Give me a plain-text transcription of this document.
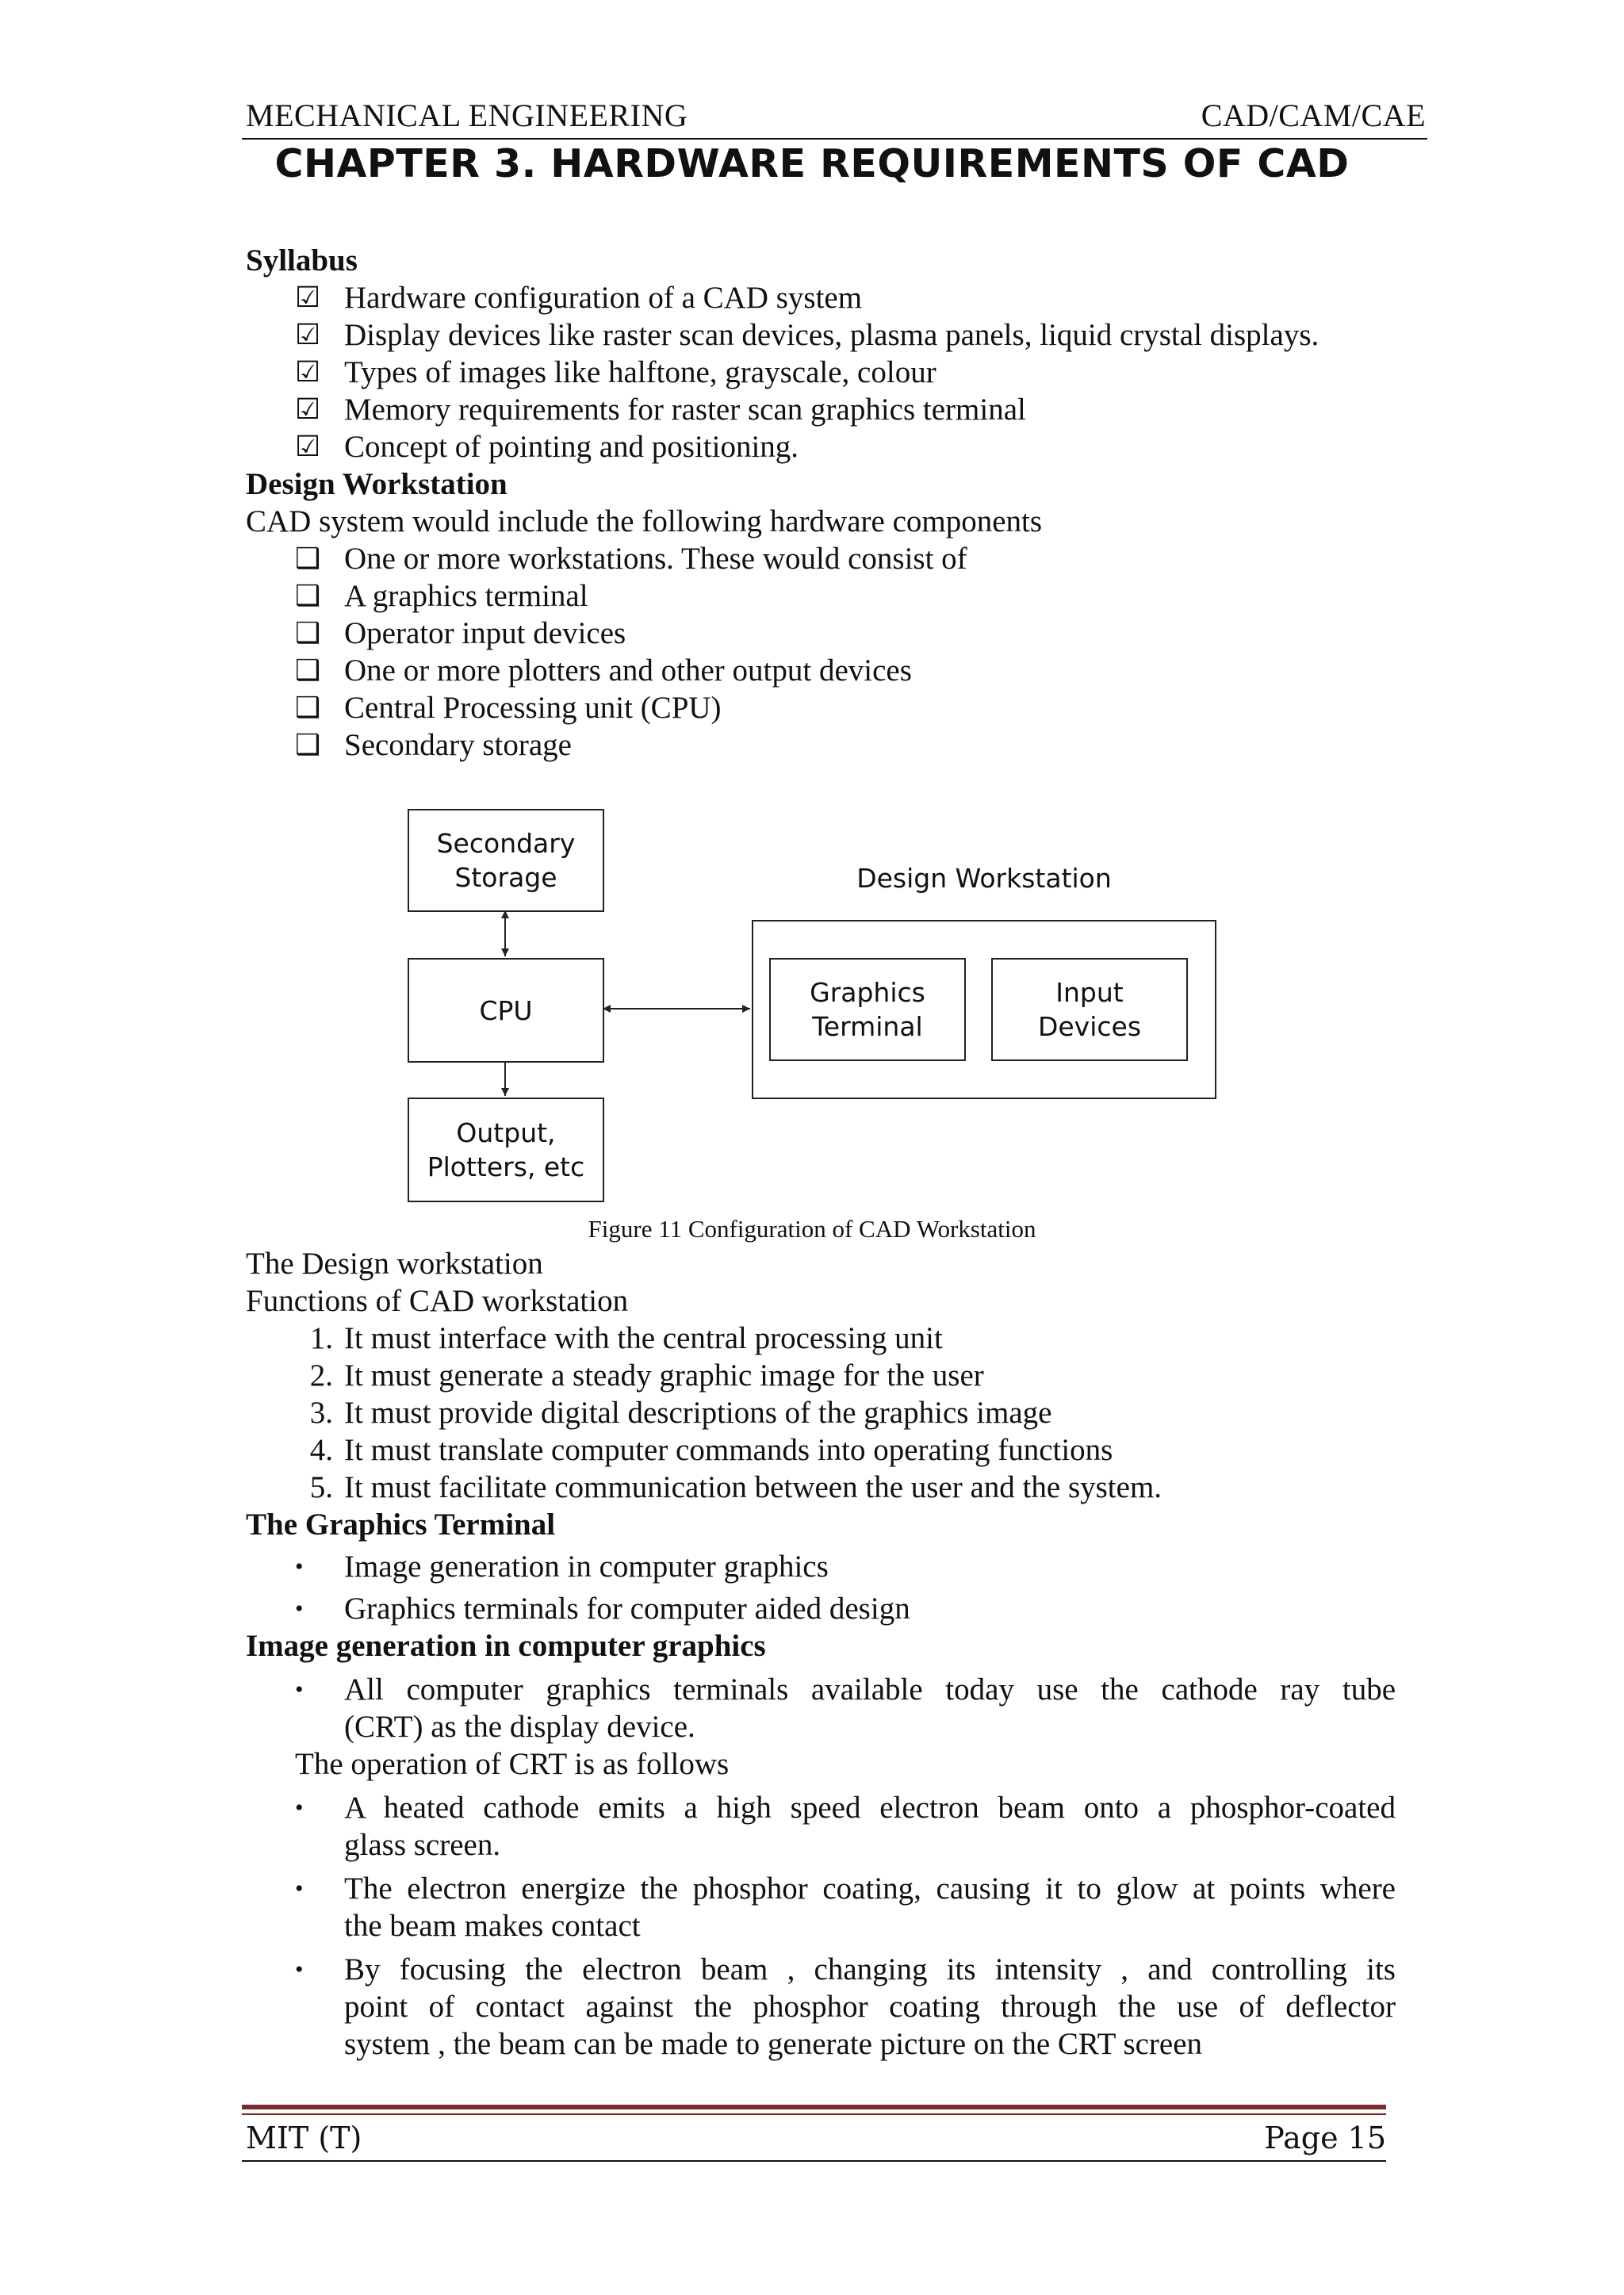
MECHANICAL ENGINEERING	CAD/CAM/CAE
CHAPTER 3. HARDWARE REQUIREMENTS OF CAD
Syllabus
☑ Hardware configuration of a CAD system
☑ Display devices like raster scan devices, plasma panels, liquid crystal displays.
☑ Types of images like halftone, grayscale, colour
☑ Memory requirements for raster scan graphics terminal
☑ Concept of pointing and positioning.
Design Workstation
CAD system would include the following hardware components
❑ One or more workstations. These would consist of
❑ A graphics terminal
❑ Operator input devices
❑ One or more plotters and other output devices
❑ Central Processing unit (CPU)
❑ Secondary storage
Secondary
Storage
CPU
Output,
Plotters, etc
Design Workstation
Graphics
Terminal
Input
Devices
Figure 11 Configuration of CAD Workstation
The Design workstation
Functions of CAD workstation
1. It must interface with the central processing unit
2. It must generate a steady graphic image for the user
3. It must provide digital descriptions of the graphics image
4. It must translate computer commands into operating functions
5. It must facilitate communication between the user and the system.
The Graphics Terminal
• Image generation in computer graphics
• Graphics terminals for computer aided design
Image generation in computer graphics
• All computer graphics terminals available today use the cathode ray tube
(CRT) as the display device.
The operation of CRT is as follows
• A heated cathode emits a high speed electron beam onto a phosphor-coated
glass screen.
• The electron energize the phosphor coating, causing it to glow at points where
the beam makes contact
• By focusing the electron beam , changing its intensity , and controlling its
point of contact against the phosphor coating through the use of deflector
system , the beam can be made to generate picture on the CRT screen
MIT (T)	Page 15
